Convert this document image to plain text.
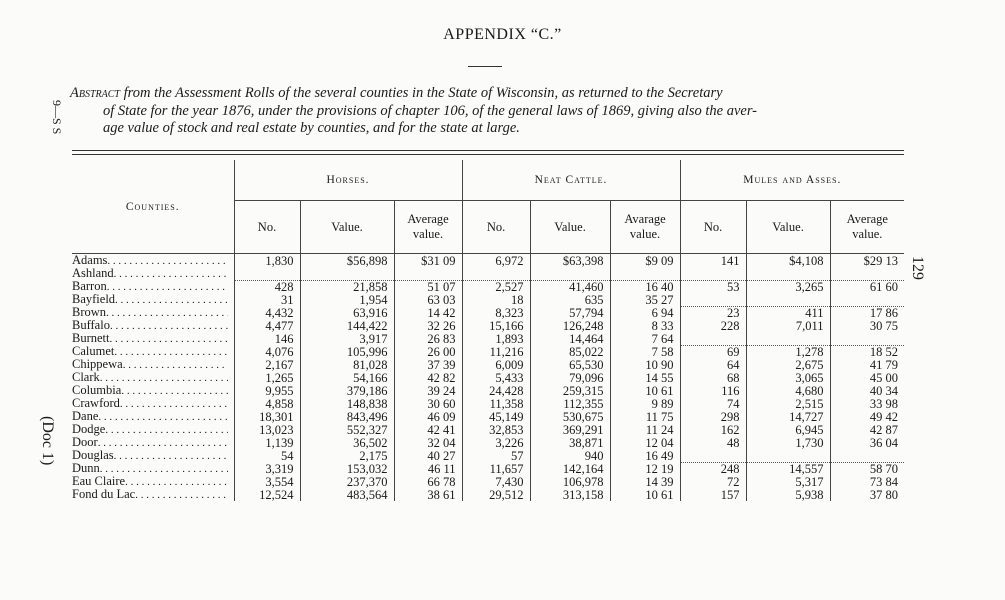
APPENDIX “C.”
9—S S
Abstract from the Assessment Rolls of the several counties in the State of Wisconsin, as returned to the Secretary
of State for the year 1876, under the provisions of chapter 106, of the general laws of 1869, giving also the aver-
age value of stock and real estate by counties, and for the state at large.
(Doc 1)
129
Counties.	Horses.			Neat Cattle.			Mules and Asses.		
	No.	Value.	Average value.	No.	Value.	Avarage value.	No.	Value.	Average value.

Adams . . .	1,830	$56,898	$31 09	6,972	$63,398	$9 09	141	$4,108	$29 13

Ashland . . .

Barron . . .	428	21,858	51 07	2,527	41,460	16 40	53	3,265	61 60

Bayfield . . .	31	1,954	63 03	18	635	35 27			

Brown . . .	4,432	63,916	14 42	8,323	57,794	6 94	23	411	17 86

Buffalo . . .	4,477	144,422	32 26	15,166	126,248	8 33	228	7,011	30 75

Burnett . . .	146	3,917	26 83	1,893	14,464	7 64			

Calumet . . .	4,076	105,996	26 00	11,216	85,022	7 58	69	1,278	18 52

Chippewa . . .	2,167	81,028	37 39	6,009	65,530	10 90	64	2,675	41 79

Clark . . .	1,265	54,166	42 82	5,433	79,096	14 55	68	3,065	45 00

Columbia . . .	9,955	379,186	39 24	24,428	259,315	10 61	116	4,680	40 34

Crawford . . .	4,858	148,838	30 60	11,358	112,355	9 89	74	2,515	33 98

Dane . . .	18,301	843,496	46 09	45,149	530,675	11 75	298	14,727	49 42

Dodge . . .	13,023	552,327	42 41	32,853	369,291	11 24	162	6,945	42 87

Door . . .	1,139	36,502	32 04	3,226	38,871	12 04	48	1,730	36 04

Douglas . . .	54	2,175	40 27	57	940	16 49			

Dunn . . .	3,319	153,032	46 11	11,657	142,164	12 19	248	14,557	58 70

Eau Claire . . .	3,554	237,370	66 78	7,430	106,978	14 39	72	5,317	73 84

Fond du Lac . . .	12,524	483,564	38 61	29,512	313,158	10 61	157	5,938	37 80
